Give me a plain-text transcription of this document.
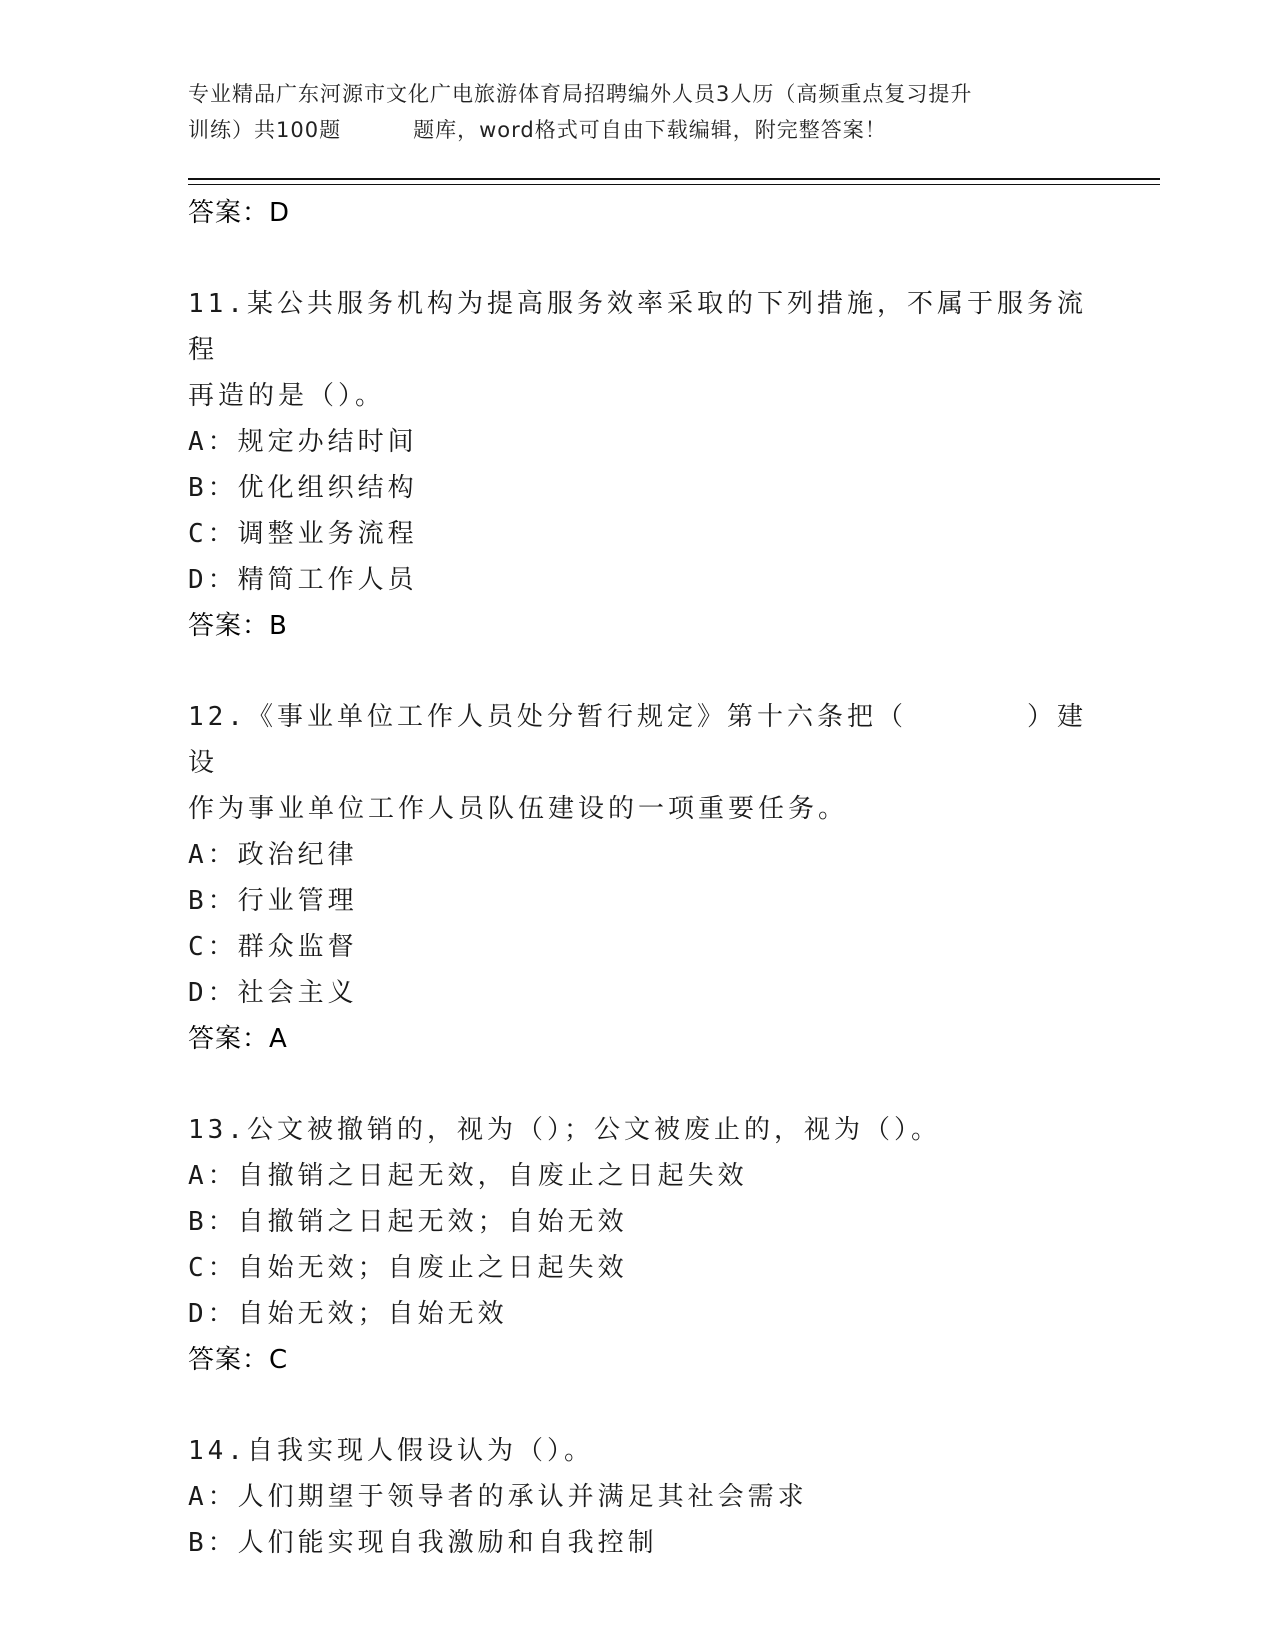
专业精品广东河源市文化广电旅游体育局招聘编外人员3人历（高频重点复习提升
训练）共100题	题库，word格式可自由下载编辑，附完整答案！
答案：D
11.某公共服务机构为提高服务效率采取的下列措施，不属于服务流程
再造的是（）。
A：规定办结时间
B：优化组织结构
C：调整业务流程
D：精简工作人员
答案：B
12.《事业单位工作人员处分暂行规定》第十六条把（　　　　）建设
作为事业单位工作人员队伍建设的一项重要任务。
A：政治纪律
B：行业管理
C：群众监督
D：社会主义
答案：A
13.公文被撤销的，视为（）；公文被废止的，视为（）。
A：自撤销之日起无效，自废止之日起失效
B：自撤销之日起无效；自始无效
C：自始无效；自废止之日起失效
D：自始无效；自始无效
答案：C
14.自我实现人假设认为（）。
A：人们期望于领导者的承认并满足其社会需求
B：人们能实现自我激励和自我控制
